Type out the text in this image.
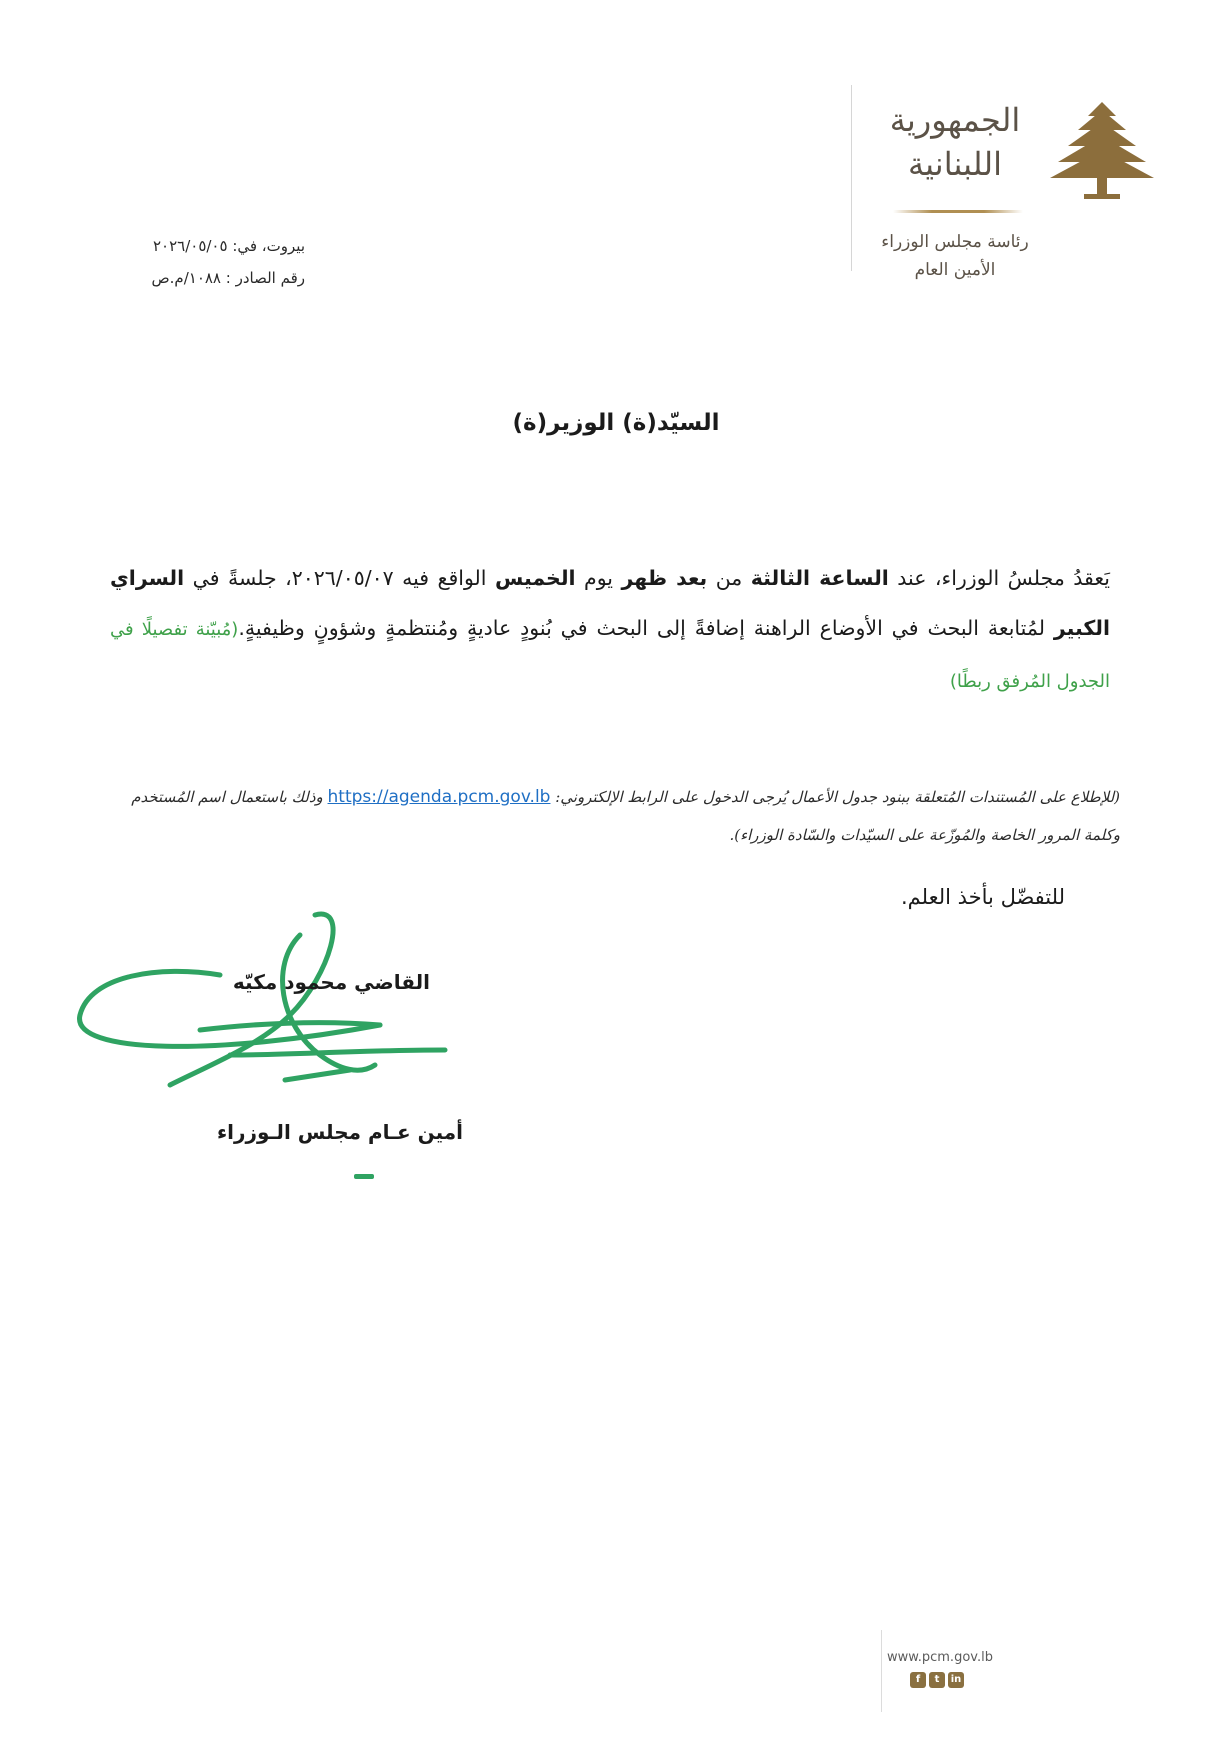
الجمهورية
اللبنانية
رئاسة مجلس الوزراء
الأمين العام
بيروت، في: ٢٠٢٦/٠٥/٠٥
رقم الصادر : ١٠٨٨/م.ص
السيّد(ة) الوزير(ة)
يَعقدُ مجلسُ الوزراء، عند الساعة الثالثة من بعد ظهر يوم الخميس الواقع فيه ٢٠٢٦/٠٥/٠٧، جلسةً في السراي الكبير لمُتابعة البحث في الأوضاع الراهنة إضافةً إلى البحث في بُنودٍ عاديةٍ ومُنتظمةٍ وشؤونٍ وظيفيةٍ.(مُبيّنة تفصيلًا في الجدول المُرفق ربطًا)
(للإطلاع على المُستندات المُتعلقة ببنود جدول الأعمال يُرجى الدخول على الرابط الإلكتروني: https://agenda.pcm.gov.lb وذلك باستعمال اسم المُستخدم وكلمة المرور الخاصة والمُوزّعة على السيّدات والسّادة الوزراء).
للتفضّل بأخذ العلم.
القاضي محمود مكيّه
أمين عـام مجلس الـوزراء
www.pcm.gov.lb
f	t	in
